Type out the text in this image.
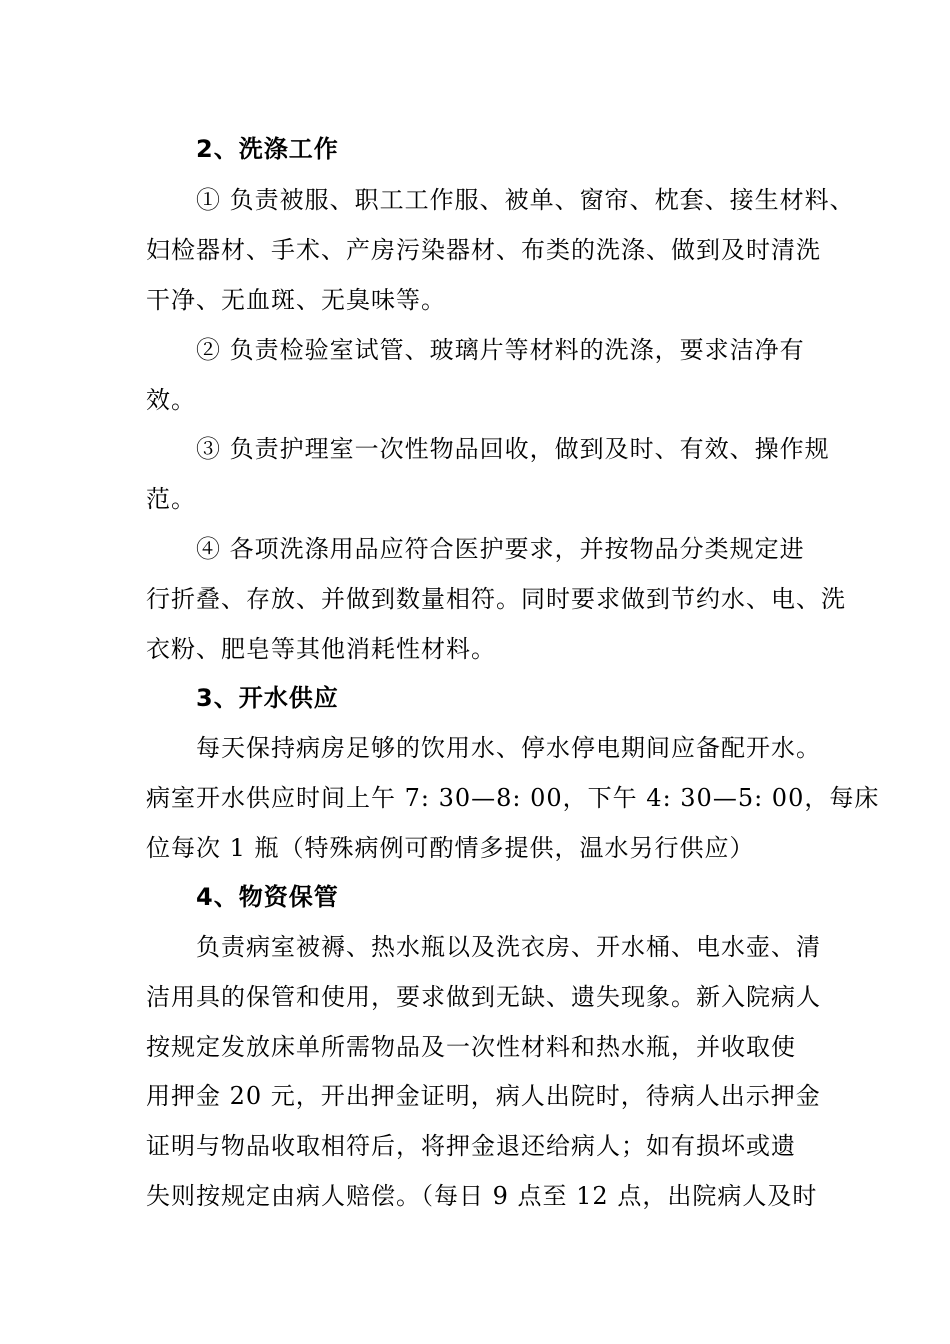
2、洗涤工作
① 负责被服、职工工作服、被单、窗帘、枕套、接生材料、
妇检器材、手术、产房污染器材、布类的洗涤、做到及时清洗
干净、无血斑、无臭味等。
② 负责检验室试管、玻璃片等材料的洗涤，要求洁净有
效。
③ 负责护理室一次性物品回收，做到及时、有效、操作规
范。
④ 各项洗涤用品应符合医护要求，并按物品分类规定进
行折叠、存放、并做到数量相符。同时要求做到节约水、电、洗
衣粉、肥皂等其他消耗性材料。
3、开水供应
每天保持病房足够的饮用水、停水停电期间应备配开水。
病室开水供应时间上午 7: 30—8: 00，下午 4: 30—5: 00，每床
位每次 1 瓶（特殊病例可酌情多提供，温水另行供应）
4、物资保管
负责病室被褥、热水瓶以及洗衣房、开水桶、电水壶、清
洁用具的保管和使用，要求做到无缺、遗失现象。新入院病人
按规定发放床单所需物品及一次性材料和热水瓶，并收取使
用押金 20 元，开出押金证明，病人出院时，待病人出示押金
证明与物品收取相符后，将押金退还给病人；如有损坏或遗
失则按规定由病人赔偿。（每日 9 点至 12 点，出院病人及时
